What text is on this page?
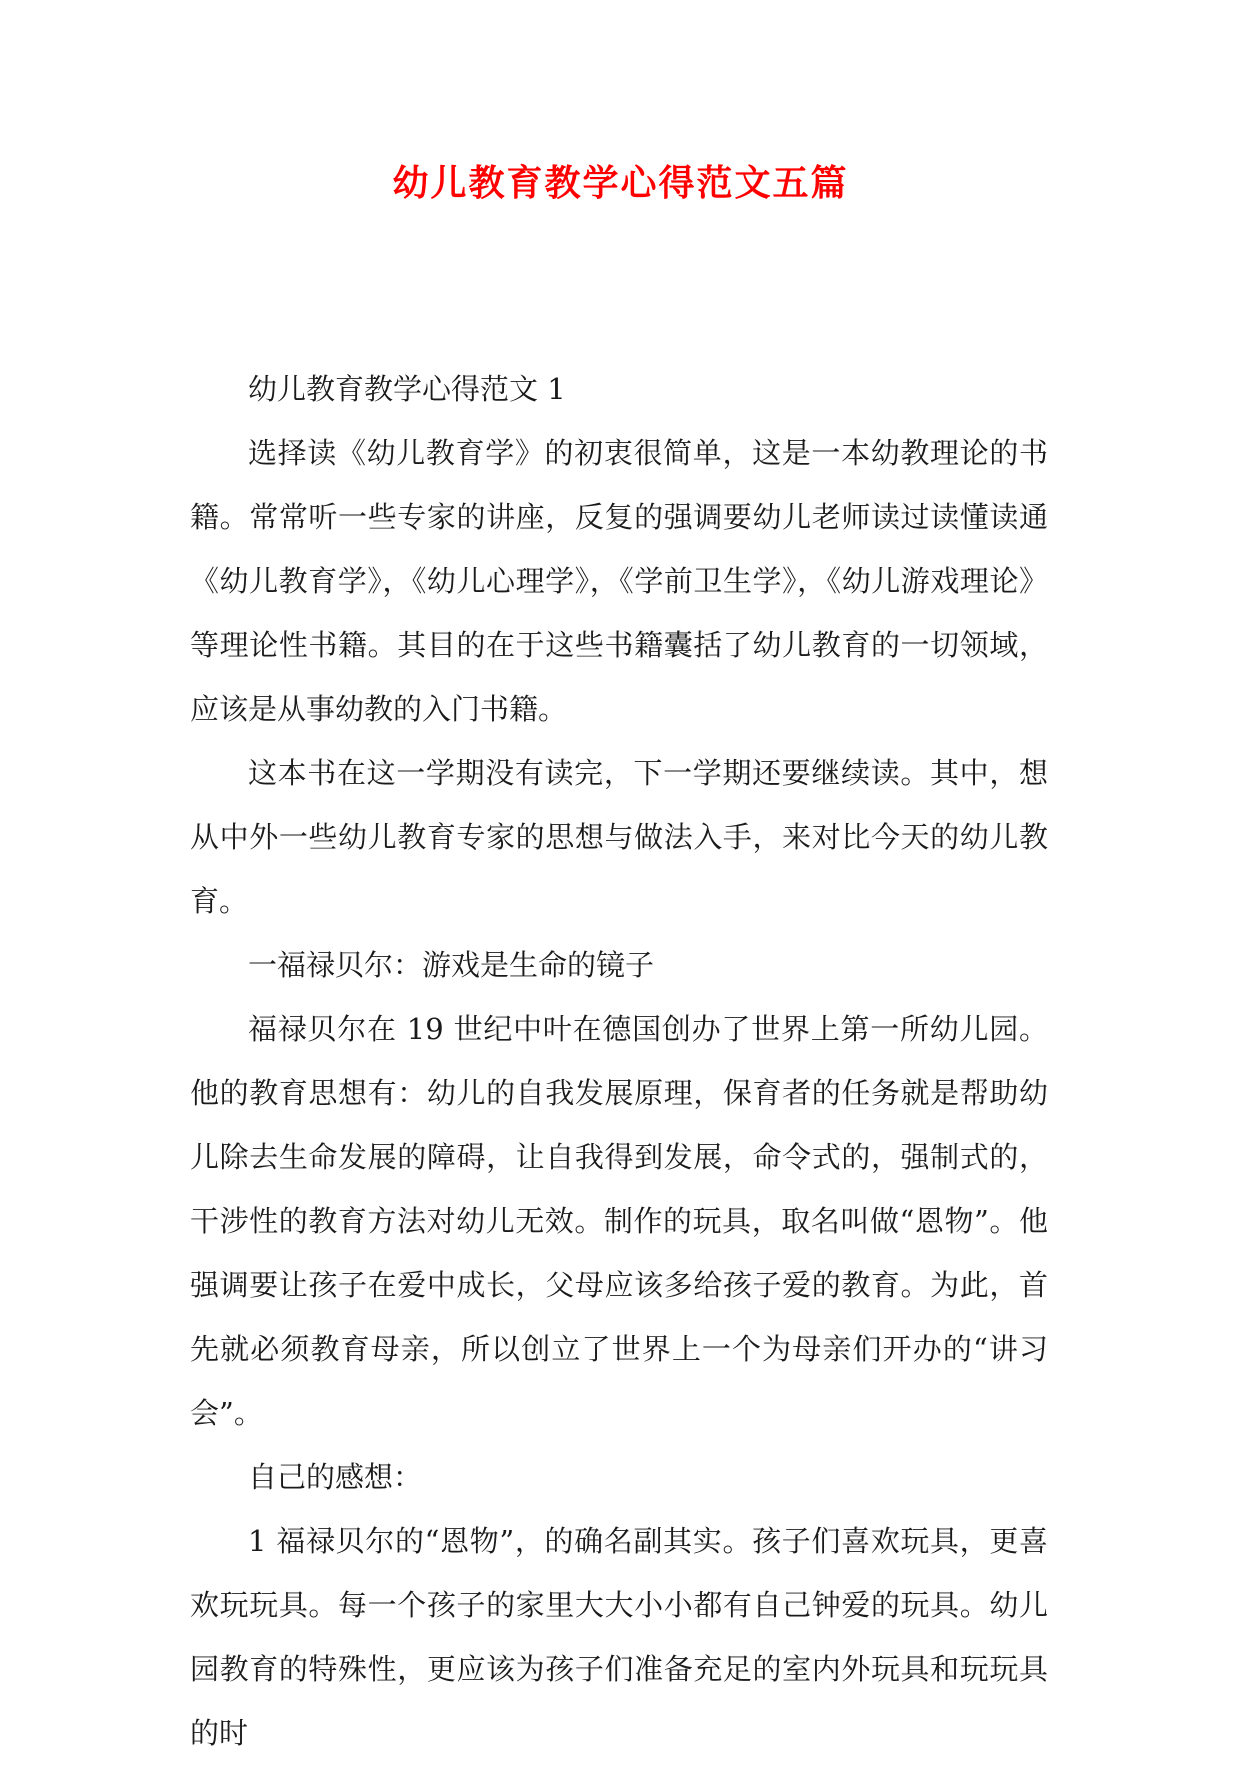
幼儿教育教学心得范文五篇

幼儿教育教学心得范文 1

选择读《幼儿教育学》的初衷很简单，这是一本幼教理论的书籍。常常听一些专家的讲座，反复的强调要幼儿老师读过读懂读通《幼儿教育学》，《幼儿心理学》，《学前卫生学》，《幼儿游戏理论》等理论性书籍。其目的在于这些书籍囊括了幼儿教育的一切领域，应该是从事幼教的入门书籍。

这本书在这一学期没有读完，下一学期还要继续读。其中，想从中外一些幼儿教育专家的思想与做法入手，来对比今天的幼儿教育。

一福禄贝尔：游戏是生命的镜子

福禄贝尔在 19 世纪中叶在德国创办了世界上第一所幼儿园。他的教育思想有：幼儿的自我发展原理，保育者的任务就是帮助幼儿除去生命发展的障碍，让自我得到发展，命令式的，强制式的，干涉性的教育方法对幼儿无效。制作的玩具，取名叫做“恩物”。他强调要让孩子在爱中成长，父母应该多给孩子爱的教育。为此，首先就必须教育母亲，所以创立了世界上一个为母亲们开办的“讲习会”。

自己的感想：

1 福禄贝尔的“恩物”，的确名副其实。孩子们喜欢玩具，更喜欢玩玩具。每一个孩子的家里大大小小都有自己钟爱的玩具。幼儿园教育的特殊性，更应该为孩子们准备充足的室内外玩具和玩玩具的时
